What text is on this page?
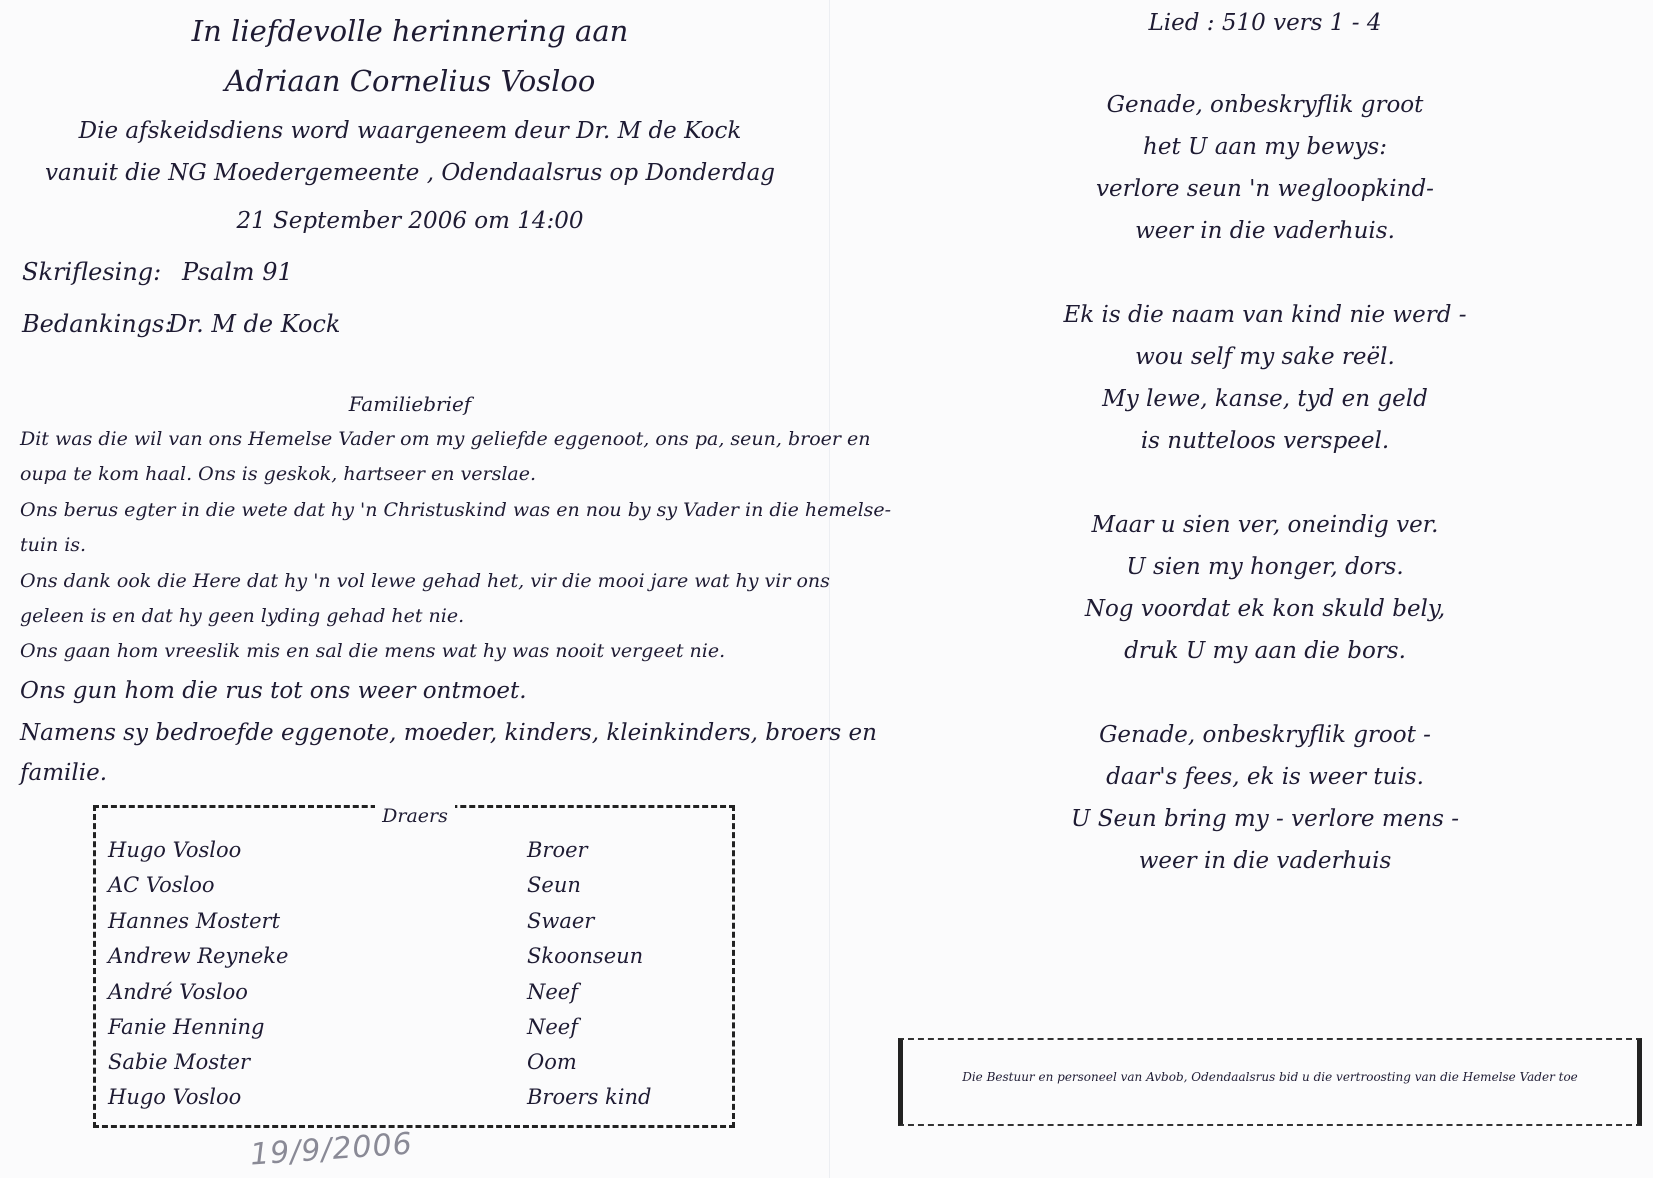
In liefdevolle herinnering aan
Adriaan Cornelius Vosloo
Die afskeidsdiens word waargeneem deur Dr. M de Kock
vanuit die NG Moedergemeente , Odendaalsrus op Donderdag
21 September 2006 om 14:00
Skriflesing: Psalm 91
Bedankings:
Dr. M de Kock
Familiebrief
Dit was die wil van ons Hemelse Vader om my geliefde eggenoot, ons pa, seun, broer en
oupa te kom haal. Ons is geskok, hartseer en verslae.
Ons berus egter in die wete dat hy 'n Christuskind was en nou by sy Vader in die hemelse-
tuin is.
Ons dank ook die Here dat hy 'n vol lewe gehad het, vir die mooi jare wat hy vir ons
geleen is en dat hy geen lyding gehad het nie.
Ons gaan hom vreeslik mis en sal die mens wat hy was nooit vergeet nie.
Ons gun hom die rus tot ons weer ontmoet.
Namens sy bedroefde eggenote, moeder, kinders, kleinkinders, broers en
familie.
Draers
Hugo Vosloo	Broer
AC Vosloo	Seun
Hannes Mostert	Swaer
Andrew Reyneke	Skoonseun
André Vosloo	Neef
Fanie Henning	Neef
Sabie Moster	Oom
Hugo Vosloo	Broers kind
19/9/2006
Lied : 510 vers 1 - 4
Genade, onbeskryflik groot
het U aan my bewys:
verlore seun 'n wegloopkind-
weer in die vaderhuis.
Ek is die naam van kind nie werd -
wou self my sake reël.
My lewe, kanse, tyd en geld
is nutteloos verspeel.
Maar u sien ver, oneindig ver.
U sien my honger, dors.
Nog voordat ek kon skuld bely,
druk U my aan die bors.
Genade, onbeskryflik groot -
daar's fees, ek is weer tuis.
U Seun bring my - verlore mens -
weer in die vaderhuis
Die Bestuur en personeel van Avbob, Odendaalsrus bid u die vertroosting van die Hemelse Vader toe
